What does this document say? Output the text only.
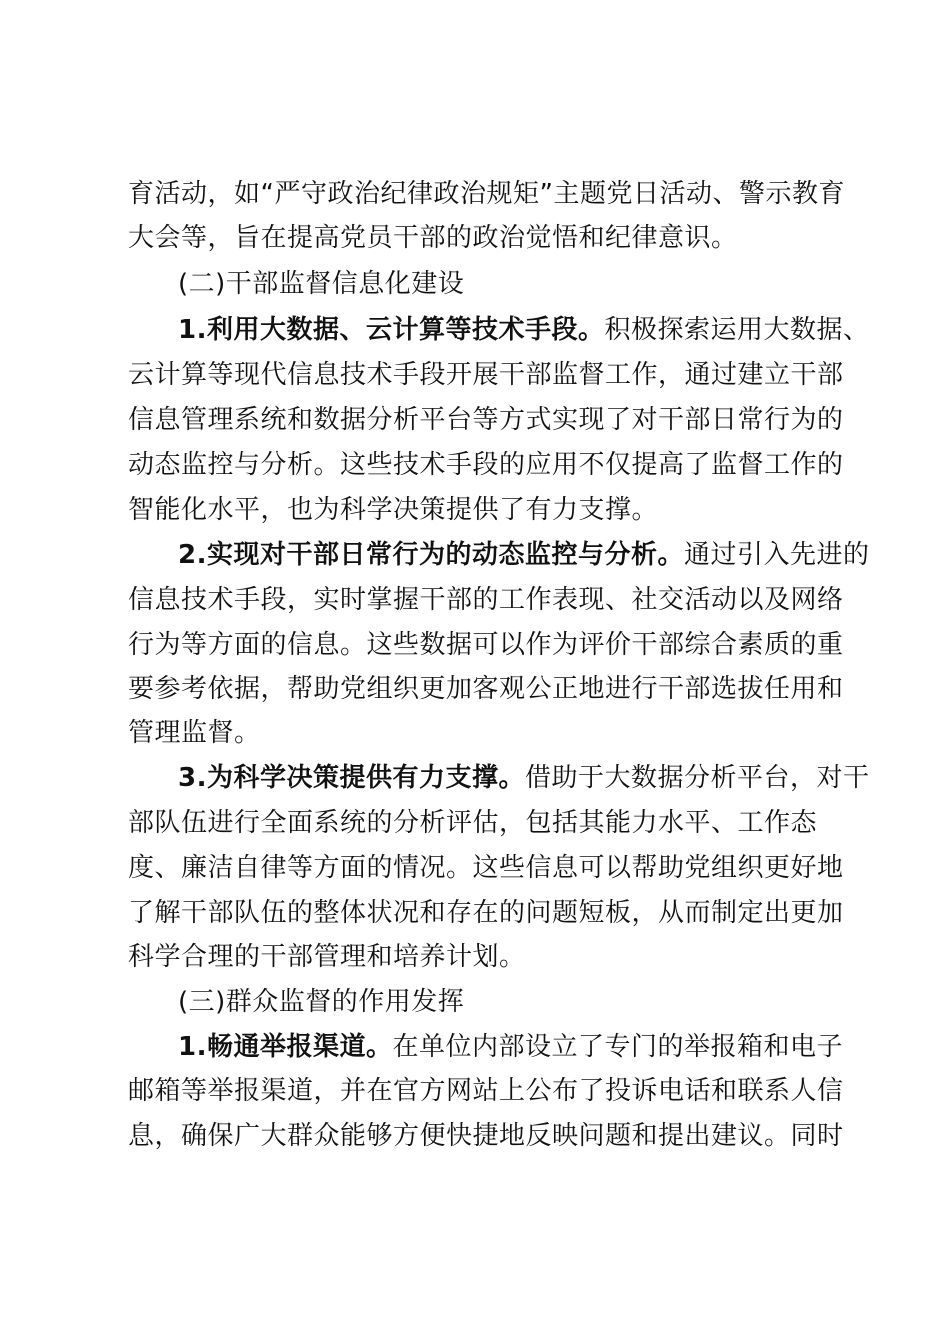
育活动，如“严守政治纪律政治规矩”主题党日活动、警示教育
大会等，旨在提高党员干部的政治觉悟和纪律意识。
(二)干部监督信息化建设
1.利用大数据、云计算等技术手段。积极探索运用大数据、
云计算等现代信息技术手段开展干部监督工作，通过建立干部
信息管理系统和数据分析平台等方式实现了对干部日常行为的
动态监控与分析。这些技术手段的应用不仅提高了监督工作的
智能化水平，也为科学决策提供了有力支撑。
2.实现对干部日常行为的动态监控与分析。通过引入先进的
信息技术手段，实时掌握干部的工作表现、社交活动以及网络
行为等方面的信息。这些数据可以作为评价干部综合素质的重
要参考依据，帮助党组织更加客观公正地进行干部选拔任用和
管理监督。
3.为科学决策提供有力支撑。借助于大数据分析平台，对干
部队伍进行全面系统的分析评估，包括其能力水平、工作态
度、廉洁自律等方面的情况。这些信息可以帮助党组织更好地
了解干部队伍的整体状况和存在的问题短板，从而制定出更加
科学合理的干部管理和培养计划。
(三)群众监督的作用发挥
1.畅通举报渠道。在单位内部设立了专门的举报箱和电子
邮箱等举报渠道，并在官方网站上公布了投诉电话和联系人信
息，确保广大群众能够方便快捷地反映问题和提出建议。同时
